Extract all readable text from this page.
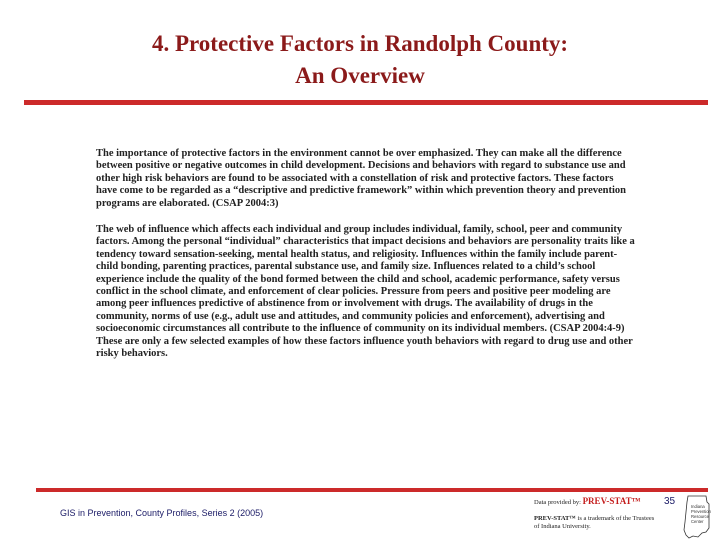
4. Protective Factors in Randolph County:
An Overview

The importance of protective factors in the environment cannot be over emphasized. They can make all the difference between positive or negative outcomes in child development. Decisions and behaviors with regard to substance use and other high risk behaviors are found to be associated with a constellation of risk and protective factors. These factors have come to be regarded as a “descriptive and predictive framework” within which prevention theory and prevention programs are elaborated. (CSAP 2004:3)

The web of influence which affects each individual and group includes individual, family, school, peer and community factors. Among the personal “individual” characteristics that impact decisions and behaviors are personality traits like a tendency toward sensation-seeking, mental health status, and religiosity. Influences within the family include parent-child bonding, parenting practices, parental substance use, and family size. Influences related to a child’s school experience include the quality of the bond formed between the child and school, academic performance, safety versus conflict in the school climate, and enforcement of clear policies. Pressure from peers and positive peer modeling are among peer influences predictive of abstinence from or involvement with drugs. The availability of drugs in the community, norms of use (e.g., adult use and attitudes, and community policies and enforcement), advertising and socioeconomic circumstances all contribute to the influence of community on its individual members. (CSAP 2004:4-9) These are only a few selected examples of how these factors influence youth behaviors with regard to drug use and other risky behaviors.

GIS in Prevention, County Profiles, Series 2 (2005)
Data provided by: PREV-STAT™
PREV-STAT™ is a trademark of the Trustees of Indiana University.
35	Indiana Prevention Resource Center
